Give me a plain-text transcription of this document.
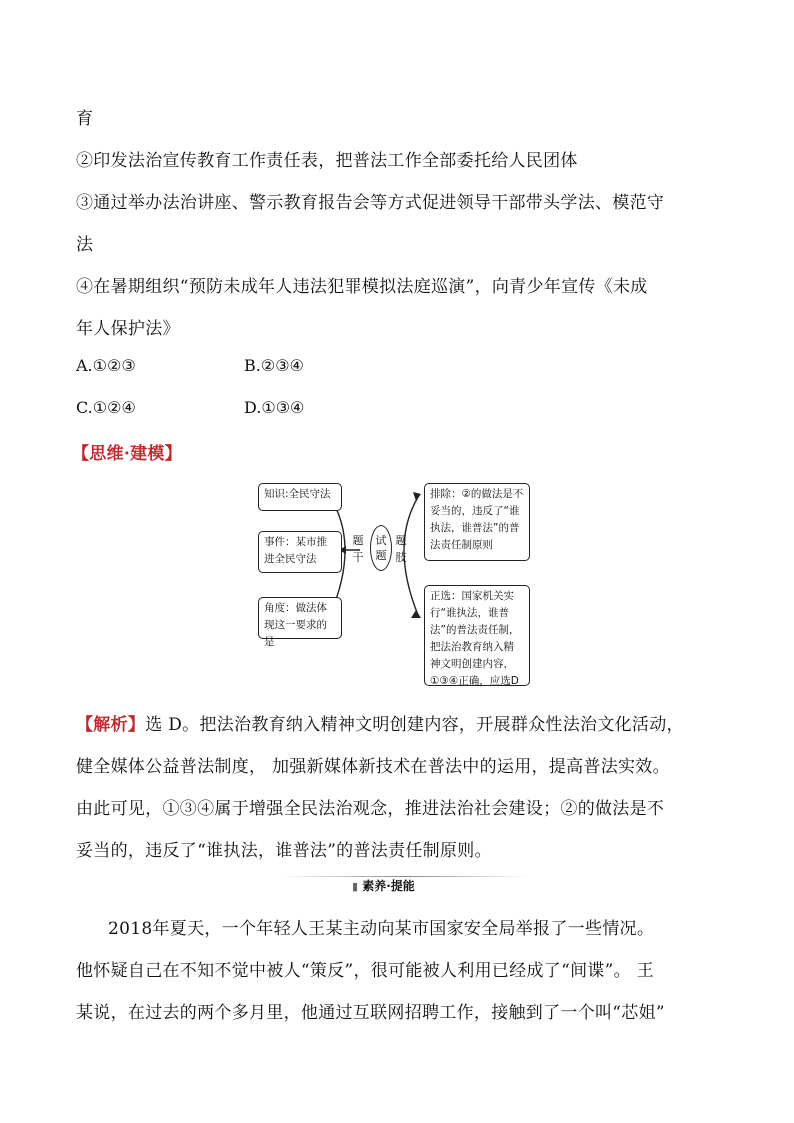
育
②印发法治宣传教育工作责任表，把普法工作全部委托给人民团体
③通过举办法治讲座、警示教育报告会等方式促进领导干部带头学法、模范守
法
④在暑期组织“预防未成年人违法犯罪模拟法庭巡演”，向青少年宣传《未成
年人保护法》
A.①②③	B.②③④
C.①②④	D.①③④
【思维·建模】
知识:全民守法
事件：某市推进全民守法
角度：做法体现这一要求的是
题干
试题
题肢
排除：②的做法是不妥当的，违反了“谁执法，谁普法”的普法责任制原则
正选：国家机关实行“谁执法，谁普法”的普法责任制，把法治教育纳入精神文明创建内容，①③④正确，应选D
【解析】选 D。把法治教育纳入精神文明创建内容，开展群众性法治文化活动，
健全媒体公益普法制度， 加强新媒体新技术在普法中的运用，提高普法实效。
由此可见，①③④属于增强全民法治观念，推进法治社会建设；②的做法是不
妥当的，违反了“谁执法，谁普法”的普法责任制原则。
▮ 素养·提能
2018年夏天，一个年轻人王某主动向某市国家安全局举报了一些情况。
他怀疑自己在不知不觉中被人“策反”，很可能被人利用已经成了“间谍”。 王
某说，在过去的两个多月里，他通过互联网招聘工作，接触到了一个叫“芯姐”
